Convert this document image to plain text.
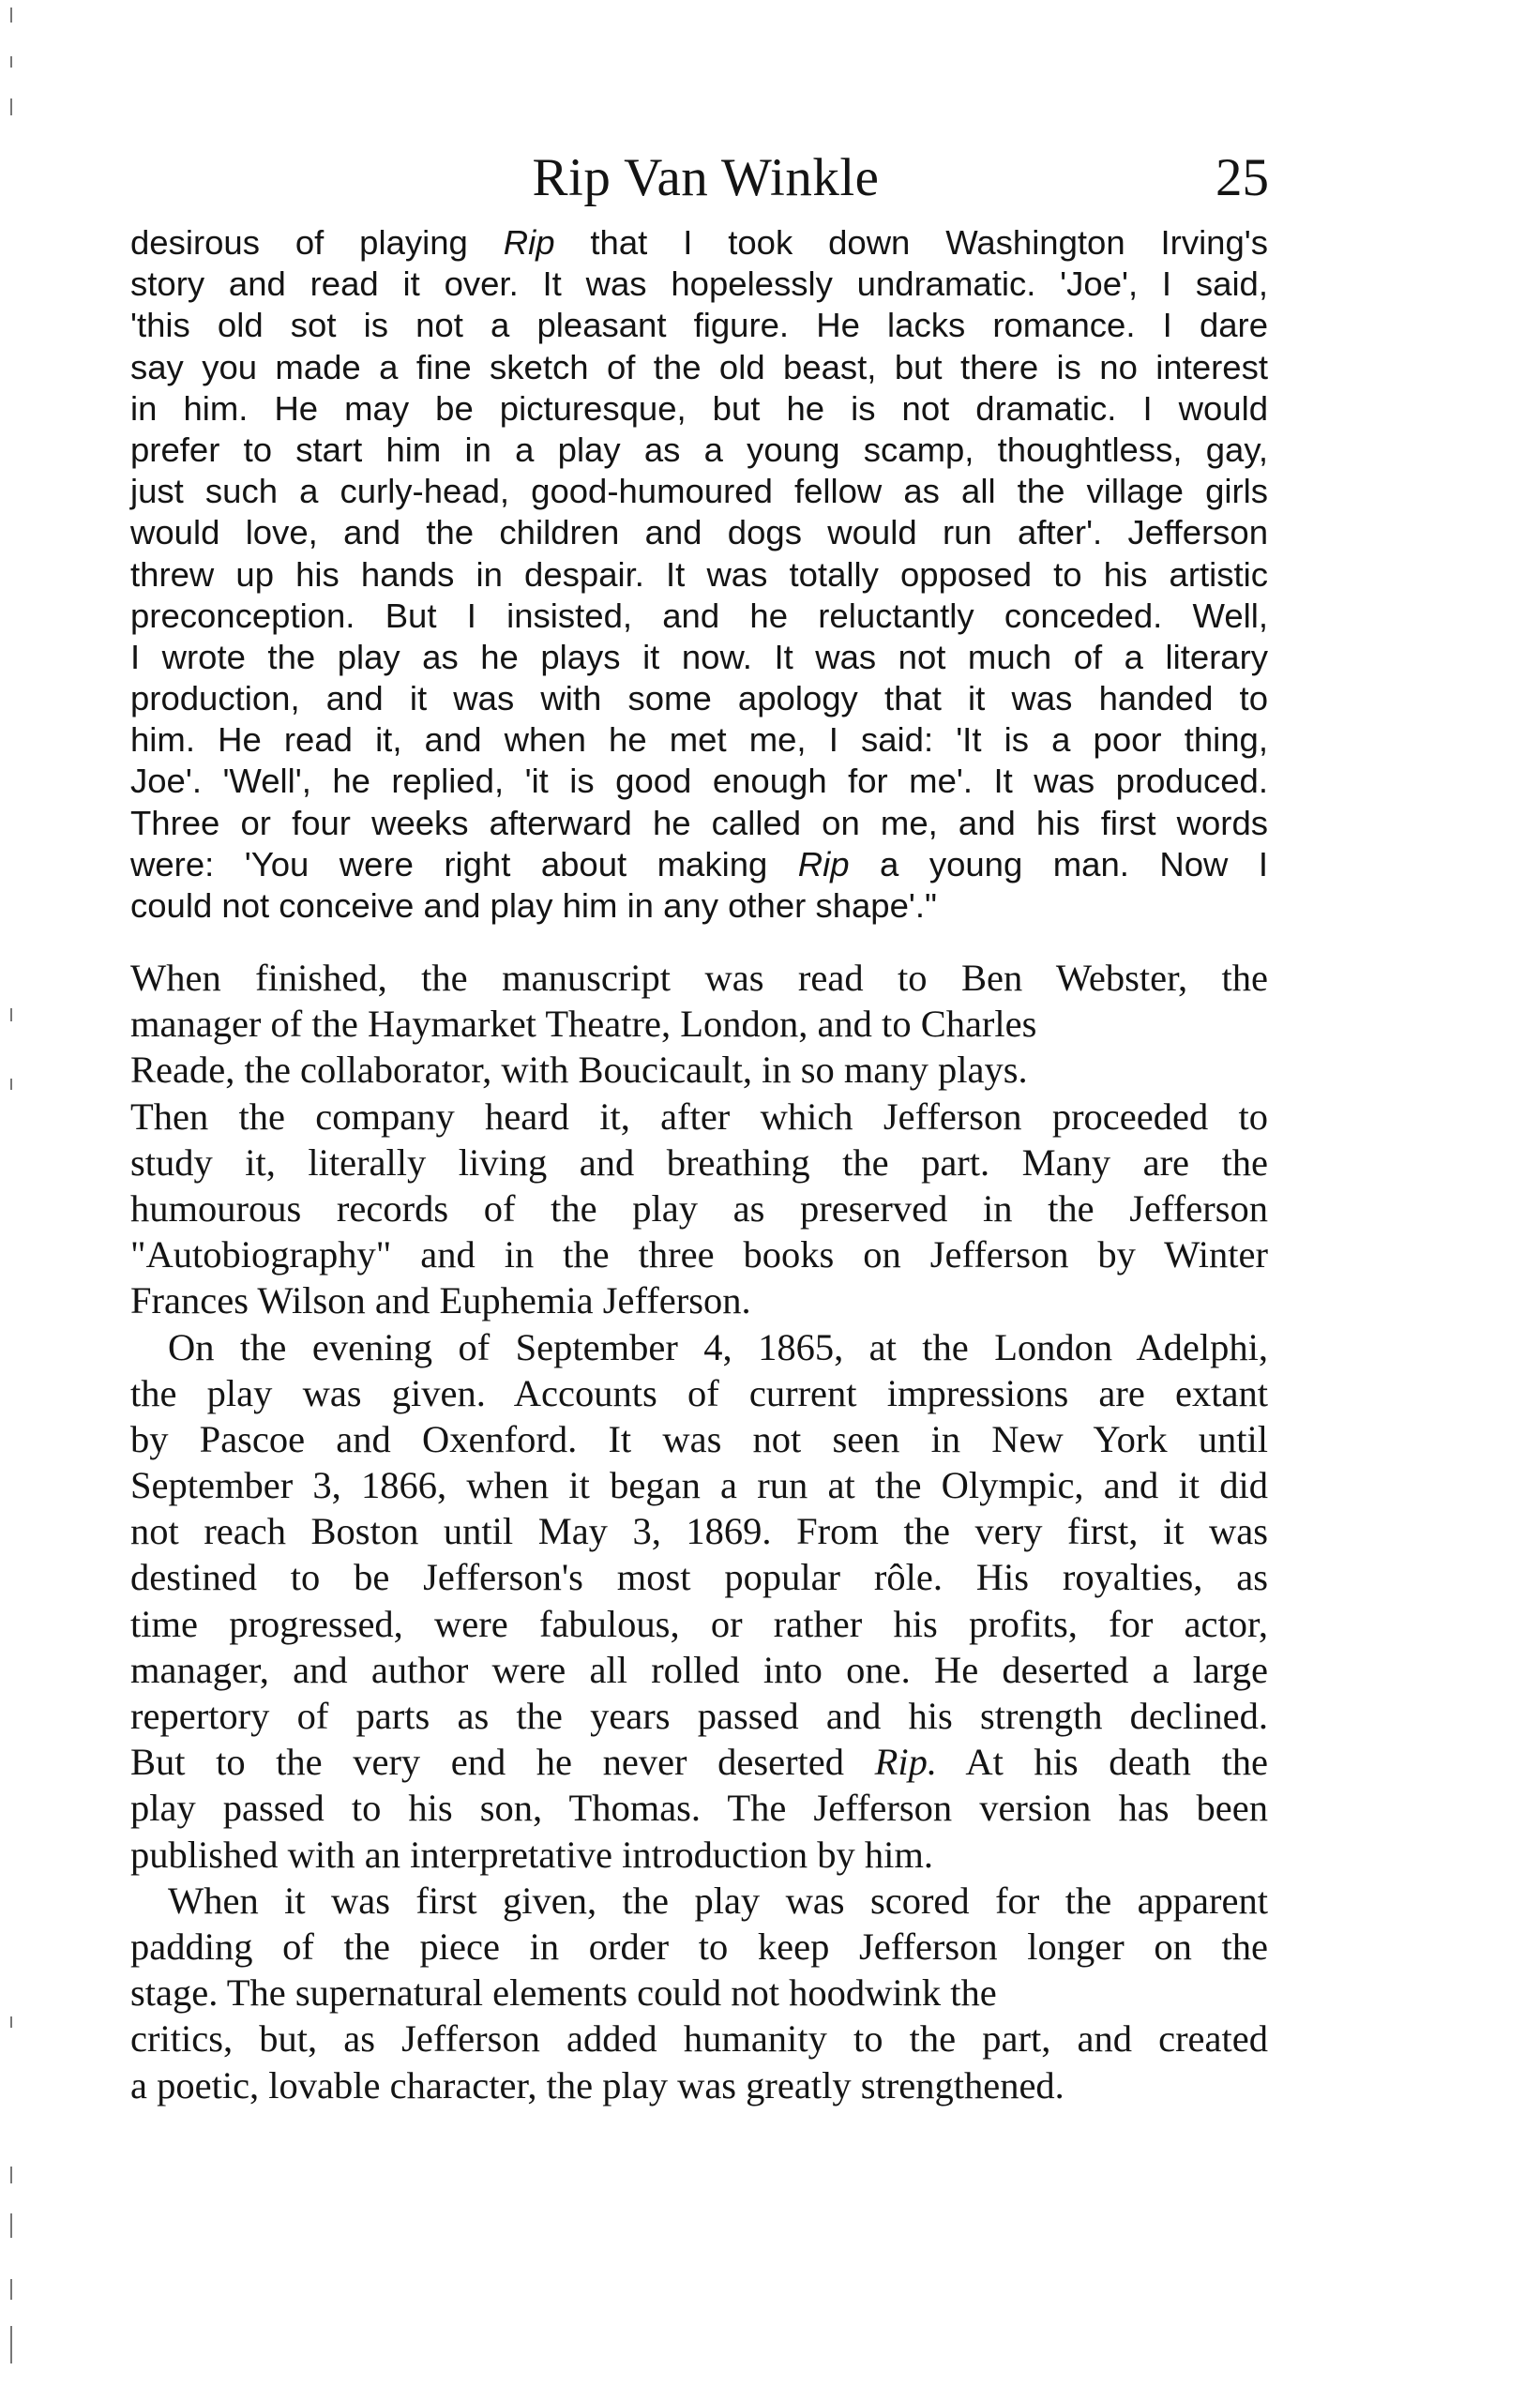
Rip Van Winkle	25
desirous of playing Rip that I took down Washington Irving's
story and read it over. It was hopelessly undramatic. 'Joe', I said,
'this old sot is not a pleasant figure. He lacks romance. I dare
say you made a fine sketch of the old beast, but there is no interest
in him. He may be picturesque, but he is not dramatic. I would
prefer to start him in a play as a young scamp, thoughtless, gay,
just such a curly-head, good-humoured fellow as all the village girls
would love, and the children and dogs would run after'. Jefferson
threw up his hands in despair. It was totally opposed to his artistic
preconception. But I insisted, and he reluctantly conceded. Well,
I wrote the play as he plays it now. It was not much of a literary
production, and it was with some apology that it was handed to
him. He read it, and when he met me, I said: 'It is a poor thing,
Joe'. 'Well', he replied, 'it is good enough for me'. It was produced.
Three or four weeks afterward he called on me, and his first words
were: 'You were right about making Rip a young man. Now I
could not conceive and play him in any other shape'."
When finished, the manuscript was read to Ben Webster, the
manager of the Haymarket Theatre, London, and to Charles
Reade, the collaborator, with Boucicault, in so many plays.
Then the company heard it, after which Jefferson proceeded to
study it, literally living and breathing the part. Many are the
humourous records of the play as preserved in the Jefferson
"Autobiography" and in the three books on Jefferson by Winter
Frances Wilson and Euphemia Jefferson.
On the evening of September 4, 1865, at the London Adelphi,
the play was given. Accounts of current impressions are extant
by Pascoe and Oxenford. It was not seen in New York until
September 3, 1866, when it began a run at the Olympic, and it did
not reach Boston until May 3, 1869. From the very first, it was
destined to be Jefferson's most popular rôle. His royalties, as
time progressed, were fabulous, or rather his profits, for actor,
manager, and author were all rolled into one. He deserted a large
repertory of parts as the years passed and his strength declined.
But to the very end he never deserted Rip. At his death the
play passed to his son, Thomas. The Jefferson version has been
published with an interpretative introduction by him.
When it was first given, the play was scored for the apparent
padding of the piece in order to keep Jefferson longer on the
stage. The supernatural elements could not hoodwink the
critics, but, as Jefferson added humanity to the part, and created
a poetic, lovable character, the play was greatly strengthened.
